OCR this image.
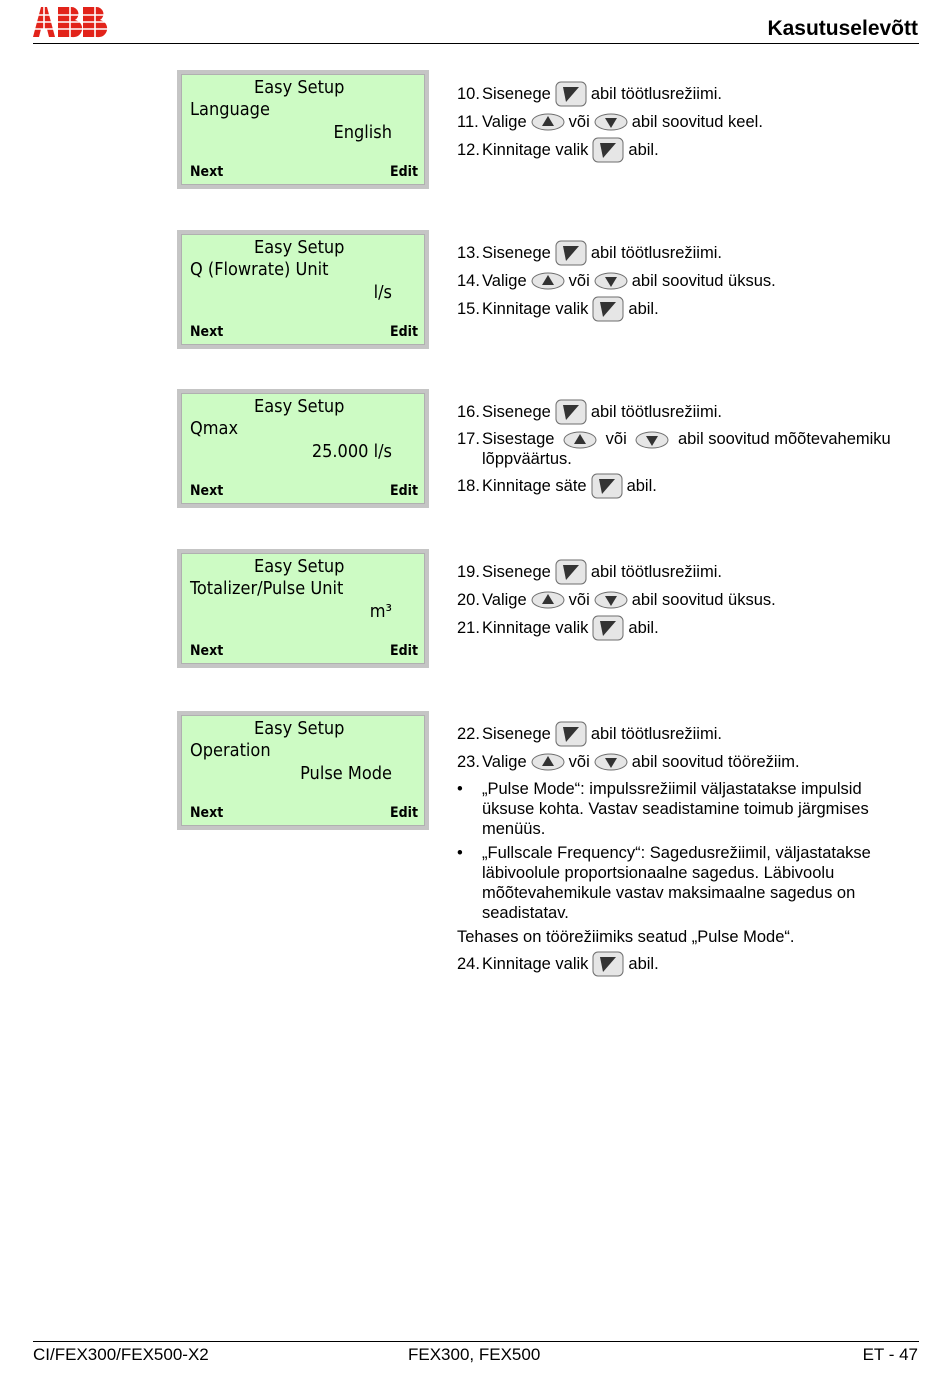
Kasutuselevõtt
Easy Setup
Language
English
Next	Edit
10. Sisenege abil töötlusrežiimi.
11. Valige	või	abil soovitud keel.
12. Kinnitage valik abil.
Easy Setup
Q (Flowrate) Unit
l/s
Next	Edit
13. Sisenege abil töötlusrežiimi.
14. Valige	või	abil soovitud üksus.
15. Kinnitage valik abil.
Easy Setup
Qmax
25.000 l/s
Next	Edit
16. Sisenege abil töötlusrežiimi.
17. Sisestage	või	abil soovitud mõõtevahemiku lõppväärtus.
18. Kinnitage säte abil.
Easy Setup
Totalizer/Pulse Unit
m³
Next	Edit
19. Sisenege abil töötlusrežiimi.
20. Valige	või	abil soovitud üksus.
21. Kinnitage valik abil.
Easy Setup
Operation
Pulse Mode
Next	Edit
22. Sisenege abil töötlusrežiimi.
23. Valige	või	abil soovitud töörežiim.
• „Pulse Mode“: impulssrežiimil väljastatakse impulsid üksuse kohta. Vastav seadistamine toimub järgmises menüüs.
• „Fullscale Frequency“: Sagedusrežiimil, väljastatakse läbivoolule proportsionaalne sagedus. Läbivoolu mõõtevahemikule vastav maksimaalne sagedus on seadistatav.
Tehases on töörežiimiks seatud „Pulse Mode“.
24. Kinnitage valik abil.
CI/FEX300/FEX500-X2	FEX300, FEX500	ET - 47
